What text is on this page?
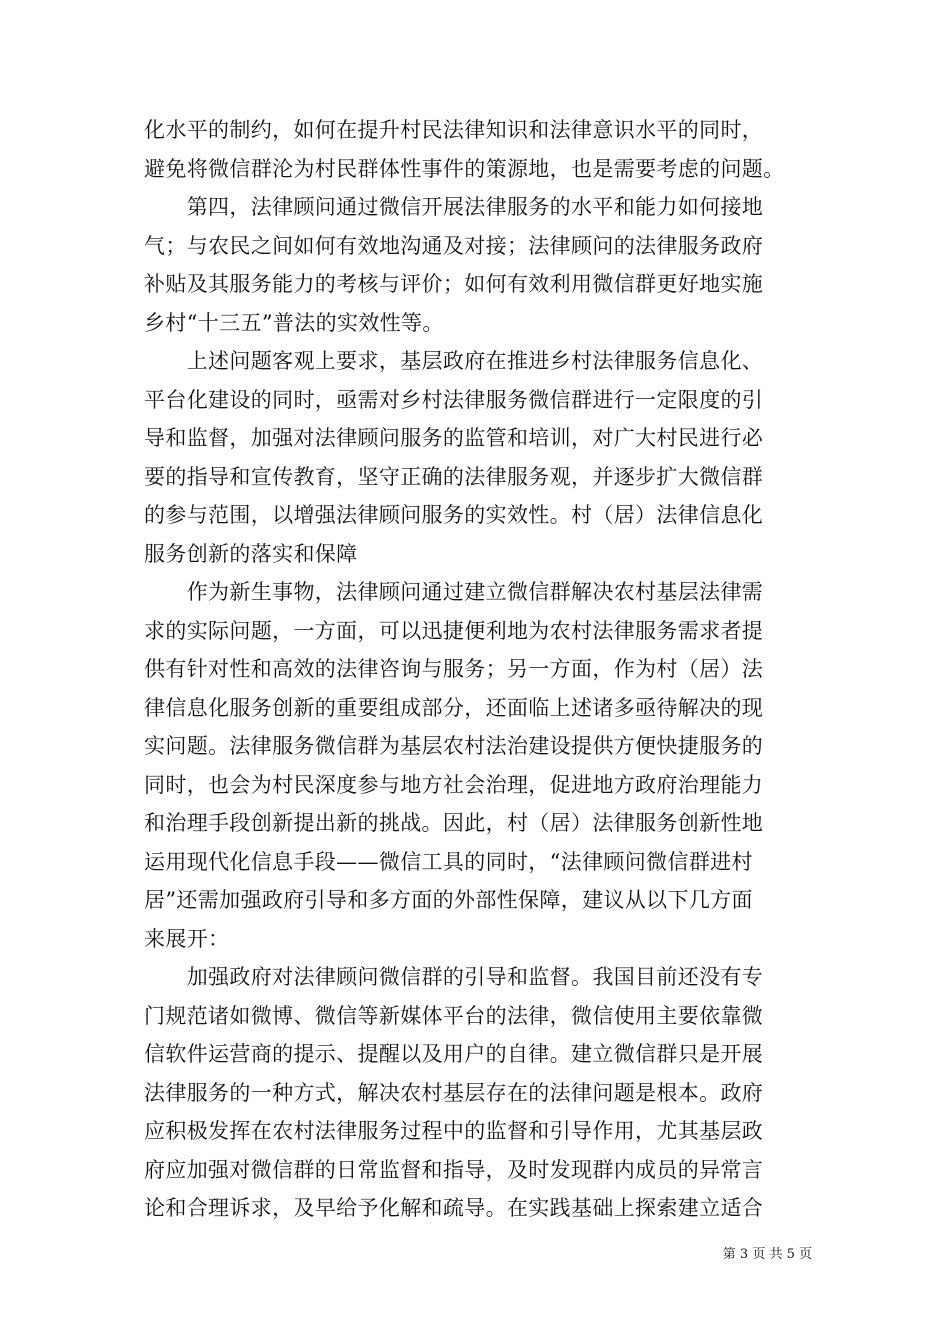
化水平的制约，如何在提升村民法律知识和法律意识水平的同时，
避免将微信群沦为村民群体性事件的策源地，也是需要考虑的问题。
　　第四，法律顾问通过微信开展法律服务的水平和能力如何接地
气；与农民之间如何有效地沟通及对接；法律顾问的法律服务政府
补贴及其服务能力的考核与评价；如何有效利用微信群更好地实施
乡村“十三五”普法的实效性等。
　　上述问题客观上要求，基层政府在推进乡村法律服务信息化、
平台化建设的同时，亟需对乡村法律服务微信群进行一定限度的引
导和监督，加强对法律顾问服务的监管和培训，对广大村民进行必
要的指导和宣传教育，坚守正确的法律服务观，并逐步扩大微信群
的参与范围，以增强法律顾问服务的实效性。村（居）法律信息化
服务创新的落实和保障
　　作为新生事物，法律顾问通过建立微信群解决农村基层法律需
求的实际问题，一方面，可以迅捷便利地为农村法律服务需求者提
供有针对性和高效的法律咨询与服务；另一方面，作为村（居）法
律信息化服务创新的重要组成部分，还面临上述诸多亟待解决的现
实问题。法律服务微信群为基层农村法治建设提供方便快捷服务的
同时，也会为村民深度参与地方社会治理，促进地方政府治理能力
和治理手段创新提出新的挑战。因此，村（居）法律服务创新性地
运用现代化信息手段——微信工具的同时，“法律顾问微信群进村
居”还需加强政府引导和多方面的外部性保障，建议从以下几方面
来展开：
　　加强政府对法律顾问微信群的引导和监督。我国目前还没有专
门规范诸如微博、微信等新媒体平台的法律，微信使用主要依靠微
信软件运营商的提示、提醒以及用户的自律。建立微信群只是开展
法律服务的一种方式，解决农村基层存在的法律问题是根本。政府
应积极发挥在农村法律服务过程中的监督和引导作用，尤其基层政
府应加强对微信群的日常监督和指导，及时发现群内成员的异常言
论和合理诉求，及早给予化解和疏导。在实践基础上探索建立适合
第 3 页 共 5 页
